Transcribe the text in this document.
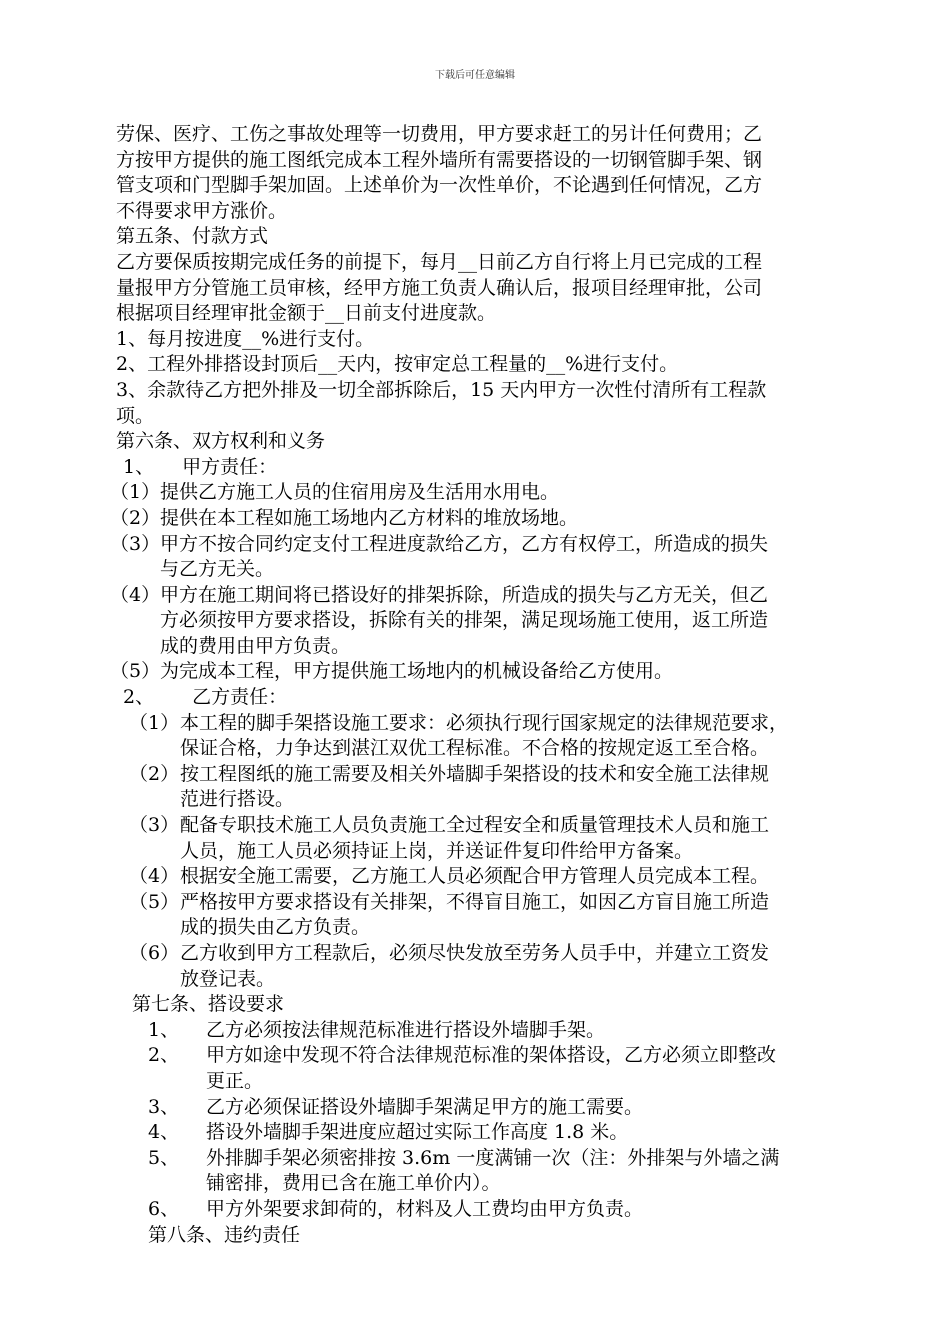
下载后可任意编辑
劳保、医疗、工伤之事故处理等一切费用，甲方要求赶工的另计任何费用；乙
方按甲方提供的施工图纸完成本工程外墙所有需要搭设的一切钢管脚手架、钢
管支项和门型脚手架加固。上述单价为一次性单价，不论遇到任何情况，乙方
不得要求甲方涨价。
第五条、付款方式
乙方要保质按期完成任务的前提下，每月__日前乙方自行将上月已完成的工程
量报甲方分管施工员审核，经甲方施工负责人确认后，报项目经理审批，公司
根据项目经理审批金额于__日前支付进度款。
1、每月按进度__%进行支付。
2、工程外排搭设封顶后__天内，按审定总工程量的__%进行支付。
3、余款待乙方把外排及一切全部拆除后，15 天内甲方一次性付清所有工程款
项。
第六条、双方权利和义务
1、 甲方责任：
（1） 提供乙方施工人员的住宿用房及生活用水用电。
（2） 提供在本工程如施工场地内乙方材料的堆放场地。
（3） 甲方不按合同约定支付工程进度款给乙方，乙方有权停工，所造成的损失
与乙方无关。
（4） 甲方在施工期间将已搭设好的排架拆除，所造成的损失与乙方无关，但乙
方必须按甲方要求搭设，拆除有关的排架，满足现场施工使用，返工所造
成的费用由甲方负责。
（5） 为完成本工程，甲方提供施工场地内的机械设备给乙方使用。
2、 乙方责任：
（1） 本工程的脚手架搭设施工要求：必须执行现行国家规定的法律规范要求，
保证合格，力争达到湛江双优工程标准。不合格的按规定返工至合格。
（2） 按工程图纸的施工需要及相关外墙脚手架搭设的技术和安全施工法律规
范进行搭设。
（3） 配备专职技术施工人员负责施工全过程安全和质量管理技术人员和施工
人员，施工人员必须持证上岗，并送证件复印件给甲方备案。
（4） 根据安全施工需要，乙方施工人员必须配合甲方管理人员完成本工程。
（5） 严格按甲方要求搭设有关排架，不得盲目施工，如因乙方盲目施工所造
成的损失由乙方负责。
（6） 乙方收到甲方工程款后，必须尽快发放至劳务人员手中，并建立工资发
放登记表。
第七条、搭设要求
1、	乙方必须按法律规范标准进行搭设外墙脚手架。
2、	甲方如途中发现不符合法律规范标准的架体搭设，乙方必须立即整改
更正。
3、	乙方必须保证搭设外墙脚手架满足甲方的施工需要。
4、	搭设外墙脚手架进度应超过实际工作高度 1.8 米。
5、	外排脚手架必须密排按 3.6m 一度满铺一次（注：外排架与外墙之满
铺密排，费用已含在施工单价内）。
6、	甲方外架要求卸荷的，材料及人工费均由甲方负责。
第八条、违约责任
